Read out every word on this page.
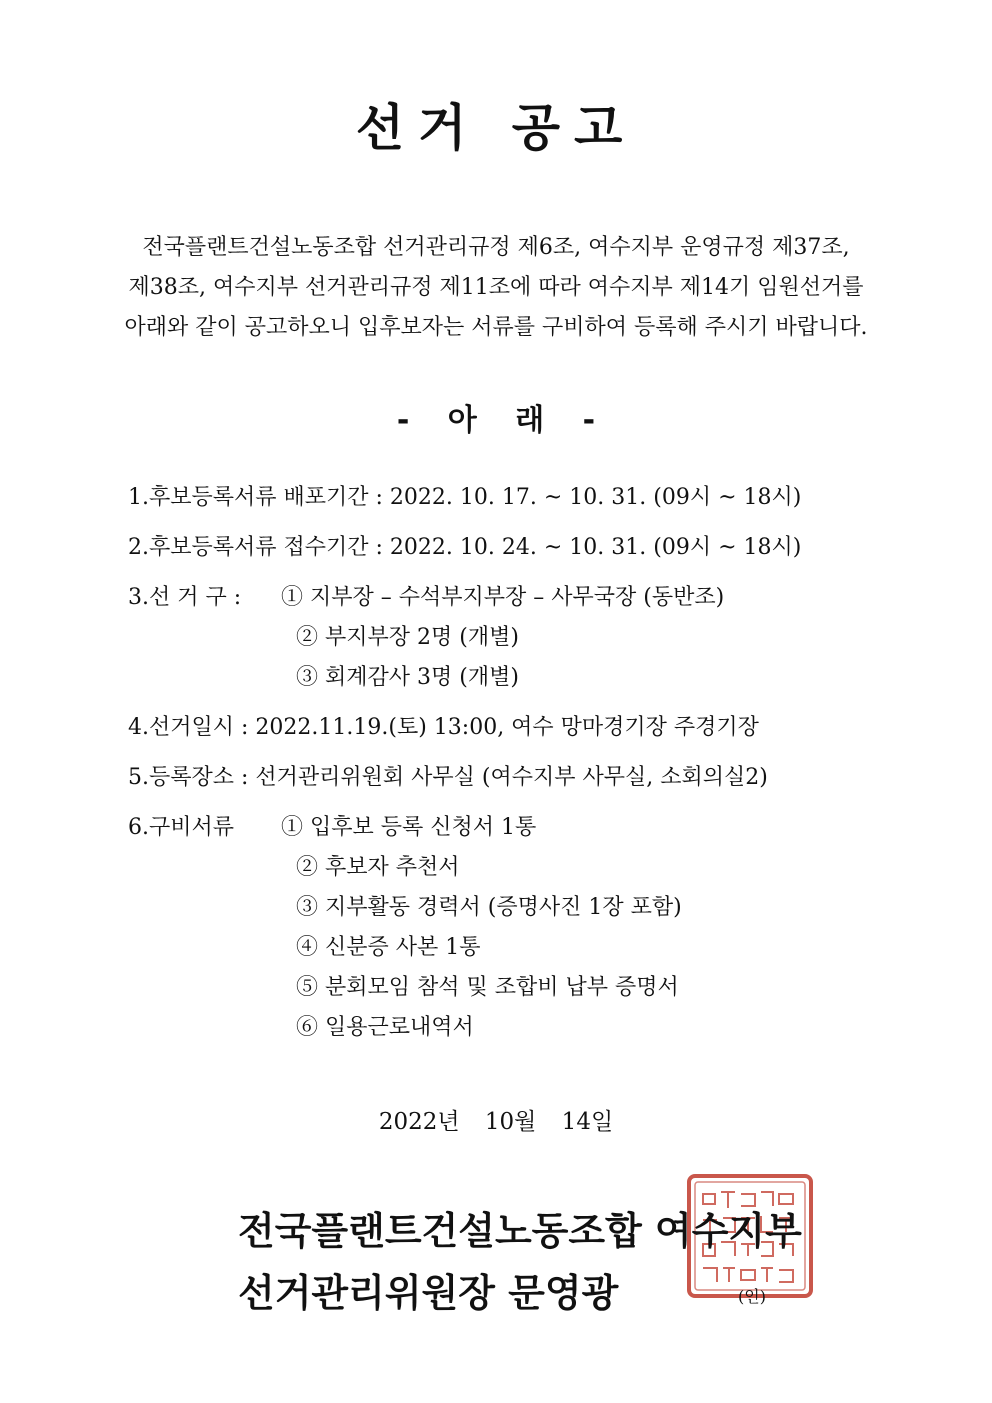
선거 공고
전국플랜트건설노동조합 선거관리규정 제6조, 여수지부 운영규정 제37조,
제38조, 여수지부 선거관리규정 제11조에 따라 여수지부 제14기 임원선거를
아래와 같이 공고하오니 입후보자는 서류를 구비하여 등록해 주시기 바랍니다.
- 아 래 -
1.후보등록서류 배포기간 : 2022. 10. 17. ~ 10. 31. (09시 ~ 18시)
2.후보등록서류 접수기간 : 2022. 10. 24. ~ 10. 31. (09시 ~ 18시)
3.선 거 구 : ① 지부장 – 수석부지부장 – 사무국장 (동반조)
② 부지부장 2명 (개별)
③ 회계감사 3명 (개별)
4.선거일시 : 2022.11.19.(토) 13:00, 여수 망마경기장 주경기장
5.등록장소 : 선거관리위원회 사무실 (여수지부 사무실, 소회의실2)
6.구비서류 ① 입후보 등록 신청서 1통
② 후보자 추천서
③ 지부활동 경력서 (증명사진 1장 포함)
④ 신분증 사본 1통
⑤ 분회모임 참석 및 조합비 납부 증명서
⑥ 일용근로내역서
2022년 10월 14일
전국플랜트건설노동조합 여수지부
선거관리위원장 문영광	(인)
